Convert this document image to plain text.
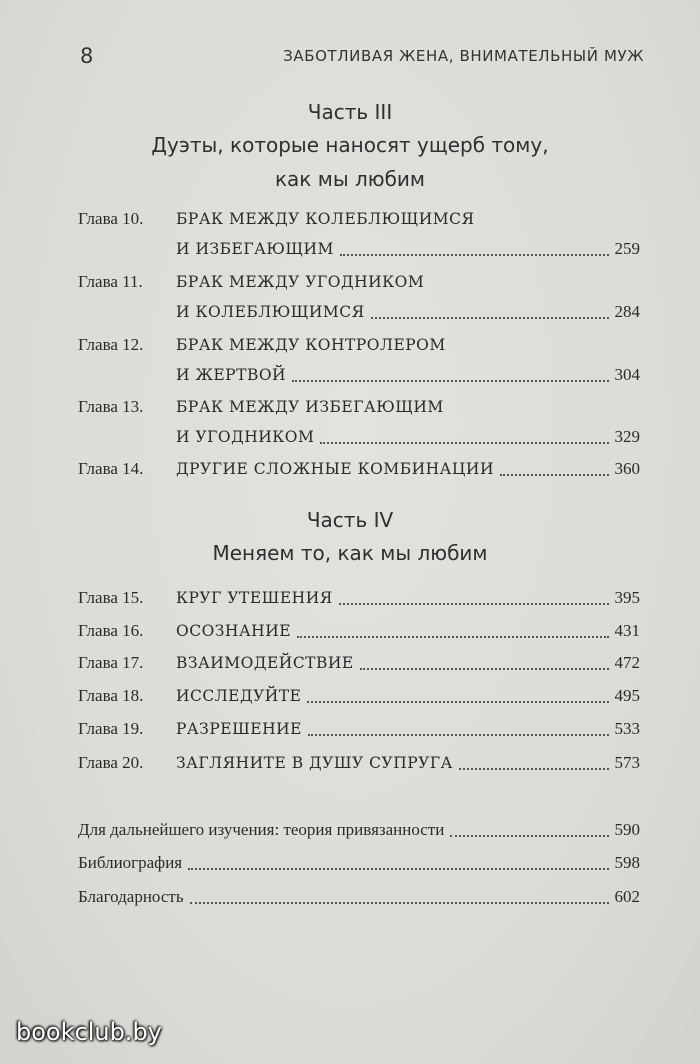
8	ЗАБОТЛИВАЯ ЖЕНА, ВНИМАТЕЛЬНЫЙ МУЖ
Часть III
Дуэты, которые наносят ущерб тому,
как мы любим
Глава 10. БРАК МЕЖДУ КОЛЕБЛЮЩИМСЯ
И ИЗБЕГАЮЩИМ	259
Глава 11. БРАК МЕЖДУ УГОДНИКОМ
И КОЛЕБЛЮЩИМСЯ	284
Глава 12. БРАК МЕЖДУ КОНТРОЛЕРОМ
И ЖЕРТВОЙ	304
Глава 13. БРАК МЕЖДУ ИЗБЕГАЮЩИМ
И УГОДНИКОМ	329
Глава 14. ДРУГИЕ СЛОЖНЫЕ КОМБИНАЦИИ	360
Часть IV
Меняем то, как мы любим
Глава 15. КРУГ УТЕШЕНИЯ	395
Глава 16. ОСОЗНАНИЕ	431
Глава 17. ВЗАИМОДЕЙСТВИЕ	472
Глава 18. ИССЛЕДУЙТЕ	495
Глава 19. РАЗРЕШЕНИЕ	533
Глава 20. ЗАГЛЯНИТЕ В ДУШУ СУПРУГА	573
Для дальнейшего изучения: теория привязанности	590
Библиография	598
Благодарность	602
bookclub.by
